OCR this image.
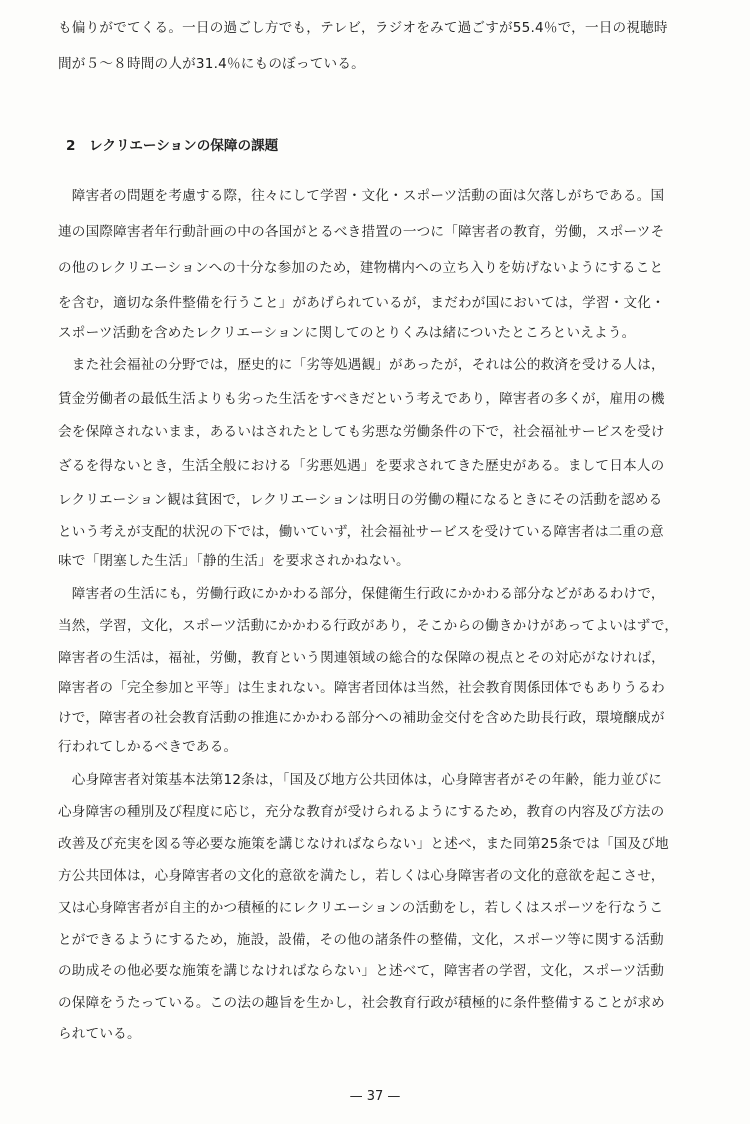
も偏りがでてくる。一日の過ごし方でも，テレビ，ラジオをみて過ごすが55.4％で，一日の視聴時
間が５～８時間の人が31.4％にものぼっている。
2　レクリエーションの保障の課題
　障害者の問題を考慮する際，往々にして学習・文化・スポーツ活動の面は欠落しがちである。国
連の国際障害者年行動計画の中の各国がとるべき措置の一つに「障害者の教育，労働，スポーツそ
の他のレクリエーションへの十分な参加のため，建物構内への立ち入りを妨げないようにすること
を含む，適切な条件整備を行うこと」があげられているが，まだわが国においては，学習・文化・
スポーツ活動を含めたレクリエーションに関してのとりくみは緒についたところといえよう。
　また社会福祉の分野では，歴史的に「劣等処遇観」があったが，それは公的救済を受ける人は，
賃金労働者の最低生活よりも劣った生活をすべきだという考えであり，障害者の多くが，雇用の機
会を保障されないまま，あるいはされたとしても劣悪な労働条件の下で，社会福祉サービスを受け
ざるを得ないとき，生活全般における「劣悪処遇」を要求されてきた歴史がある。まして日本人の
レクリエーション観は貧困で，レクリエーションは明日の労働の糧になるときにその活動を認める
という考えが支配的状況の下では，働いていず，社会福祉サービスを受けている障害者は二重の意
味で「閉塞した生活」「静的生活」を要求されかねない。
　障害者の生活にも，労働行政にかかわる部分，保健衛生行政にかかわる部分などがあるわけで，
当然，学習，文化，スポーツ活動にかかわる行政があり，そこからの働きかけがあってよいはずで，
障害者の生活は，福祉，労働，教育という関連領域の総合的な保障の視点とその対応がなければ，
障害者の「完全参加と平等」は生まれない。障害者団体は当然，社会教育関係団体でもありうるわ
けで，障害者の社会教育活動の推進にかかわる部分への補助金交付を含めた助長行政，環境醸成が
行われてしかるべきである。
　心身障害者対策基本法第12条は，「国及び地方公共団体は，心身障害者がその年齢，能力並びに
心身障害の種別及び程度に応じ，充分な教育が受けられるようにするため，教育の内容及び方法の
改善及び充実を図る等必要な施策を講じなければならない」と述べ，また同第25条では「国及び地
方公共団体は，心身障害者の文化的意欲を満たし，若しくは心身障害者の文化的意欲を起こさせ，
又は心身障害者が自主的かつ積極的にレクリエーションの活動をし，若しくはスポーツを行なうこ
とができるようにするため，施設，設備，その他の諸条件の整備，文化，スポーツ等に関する活動
の助成その他必要な施策を講じなければならない」と述べて，障害者の学習，文化，スポーツ活動
の保障をうたっている。この法の趣旨を生かし，社会教育行政が積極的に条件整備することが求め
られている。
— 37 —
